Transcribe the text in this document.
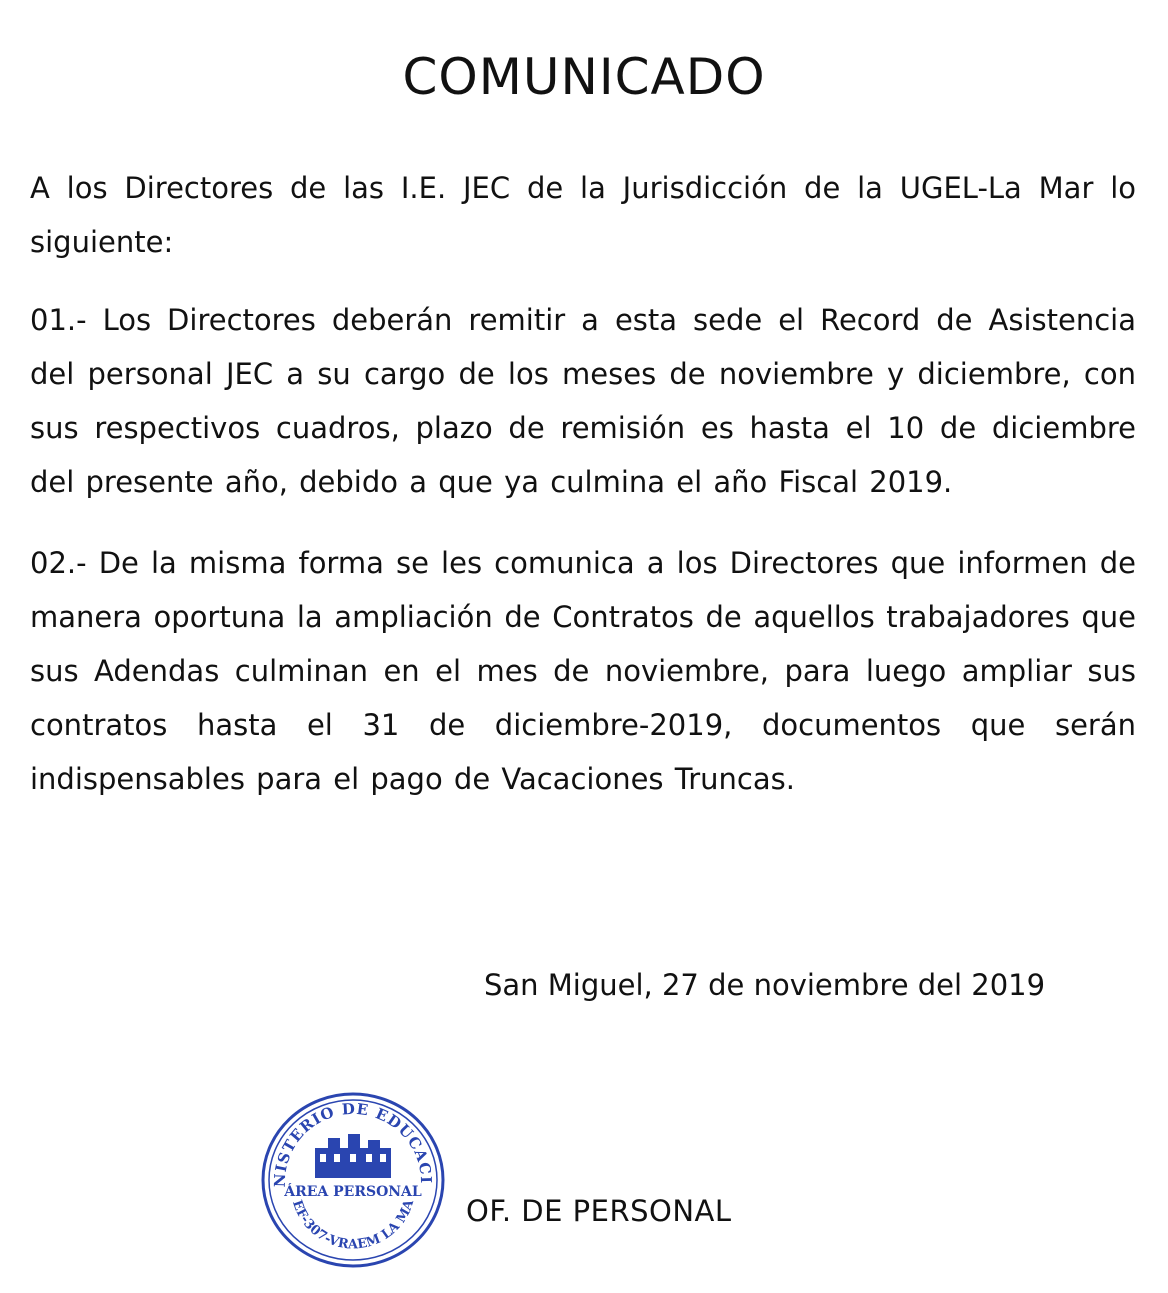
COMUNICADO

A los Directores de las I.E. JEC de la Jurisdicción de la UGEL-La Mar lo siguiente:

01.- Los Directores deberán remitir a esta sede el Record de Asistencia del personal JEC a su cargo de los meses de noviembre y diciembre, con sus respectivos cuadros, plazo de remisión es hasta el 10 de diciembre del presente año, debido a que ya culmina el año Fiscal 2019.

02.- De la misma forma se les comunica a los Directores que informen de manera oportuna la ampliación de Contratos de aquellos trabajadores que sus Adendas culminan en el mes de noviembre, para luego ampliar sus contratos hasta el 31 de diciembre-2019, documentos que serán indispensables para el pago de Vacaciones Truncas.

San Miguel, 27 de noviembre del 2019
NISTERIO DE EDUCACI
EF-307-VRAEM LA MA
ÁREA PERSONAL
OF. DE PERSONAL
